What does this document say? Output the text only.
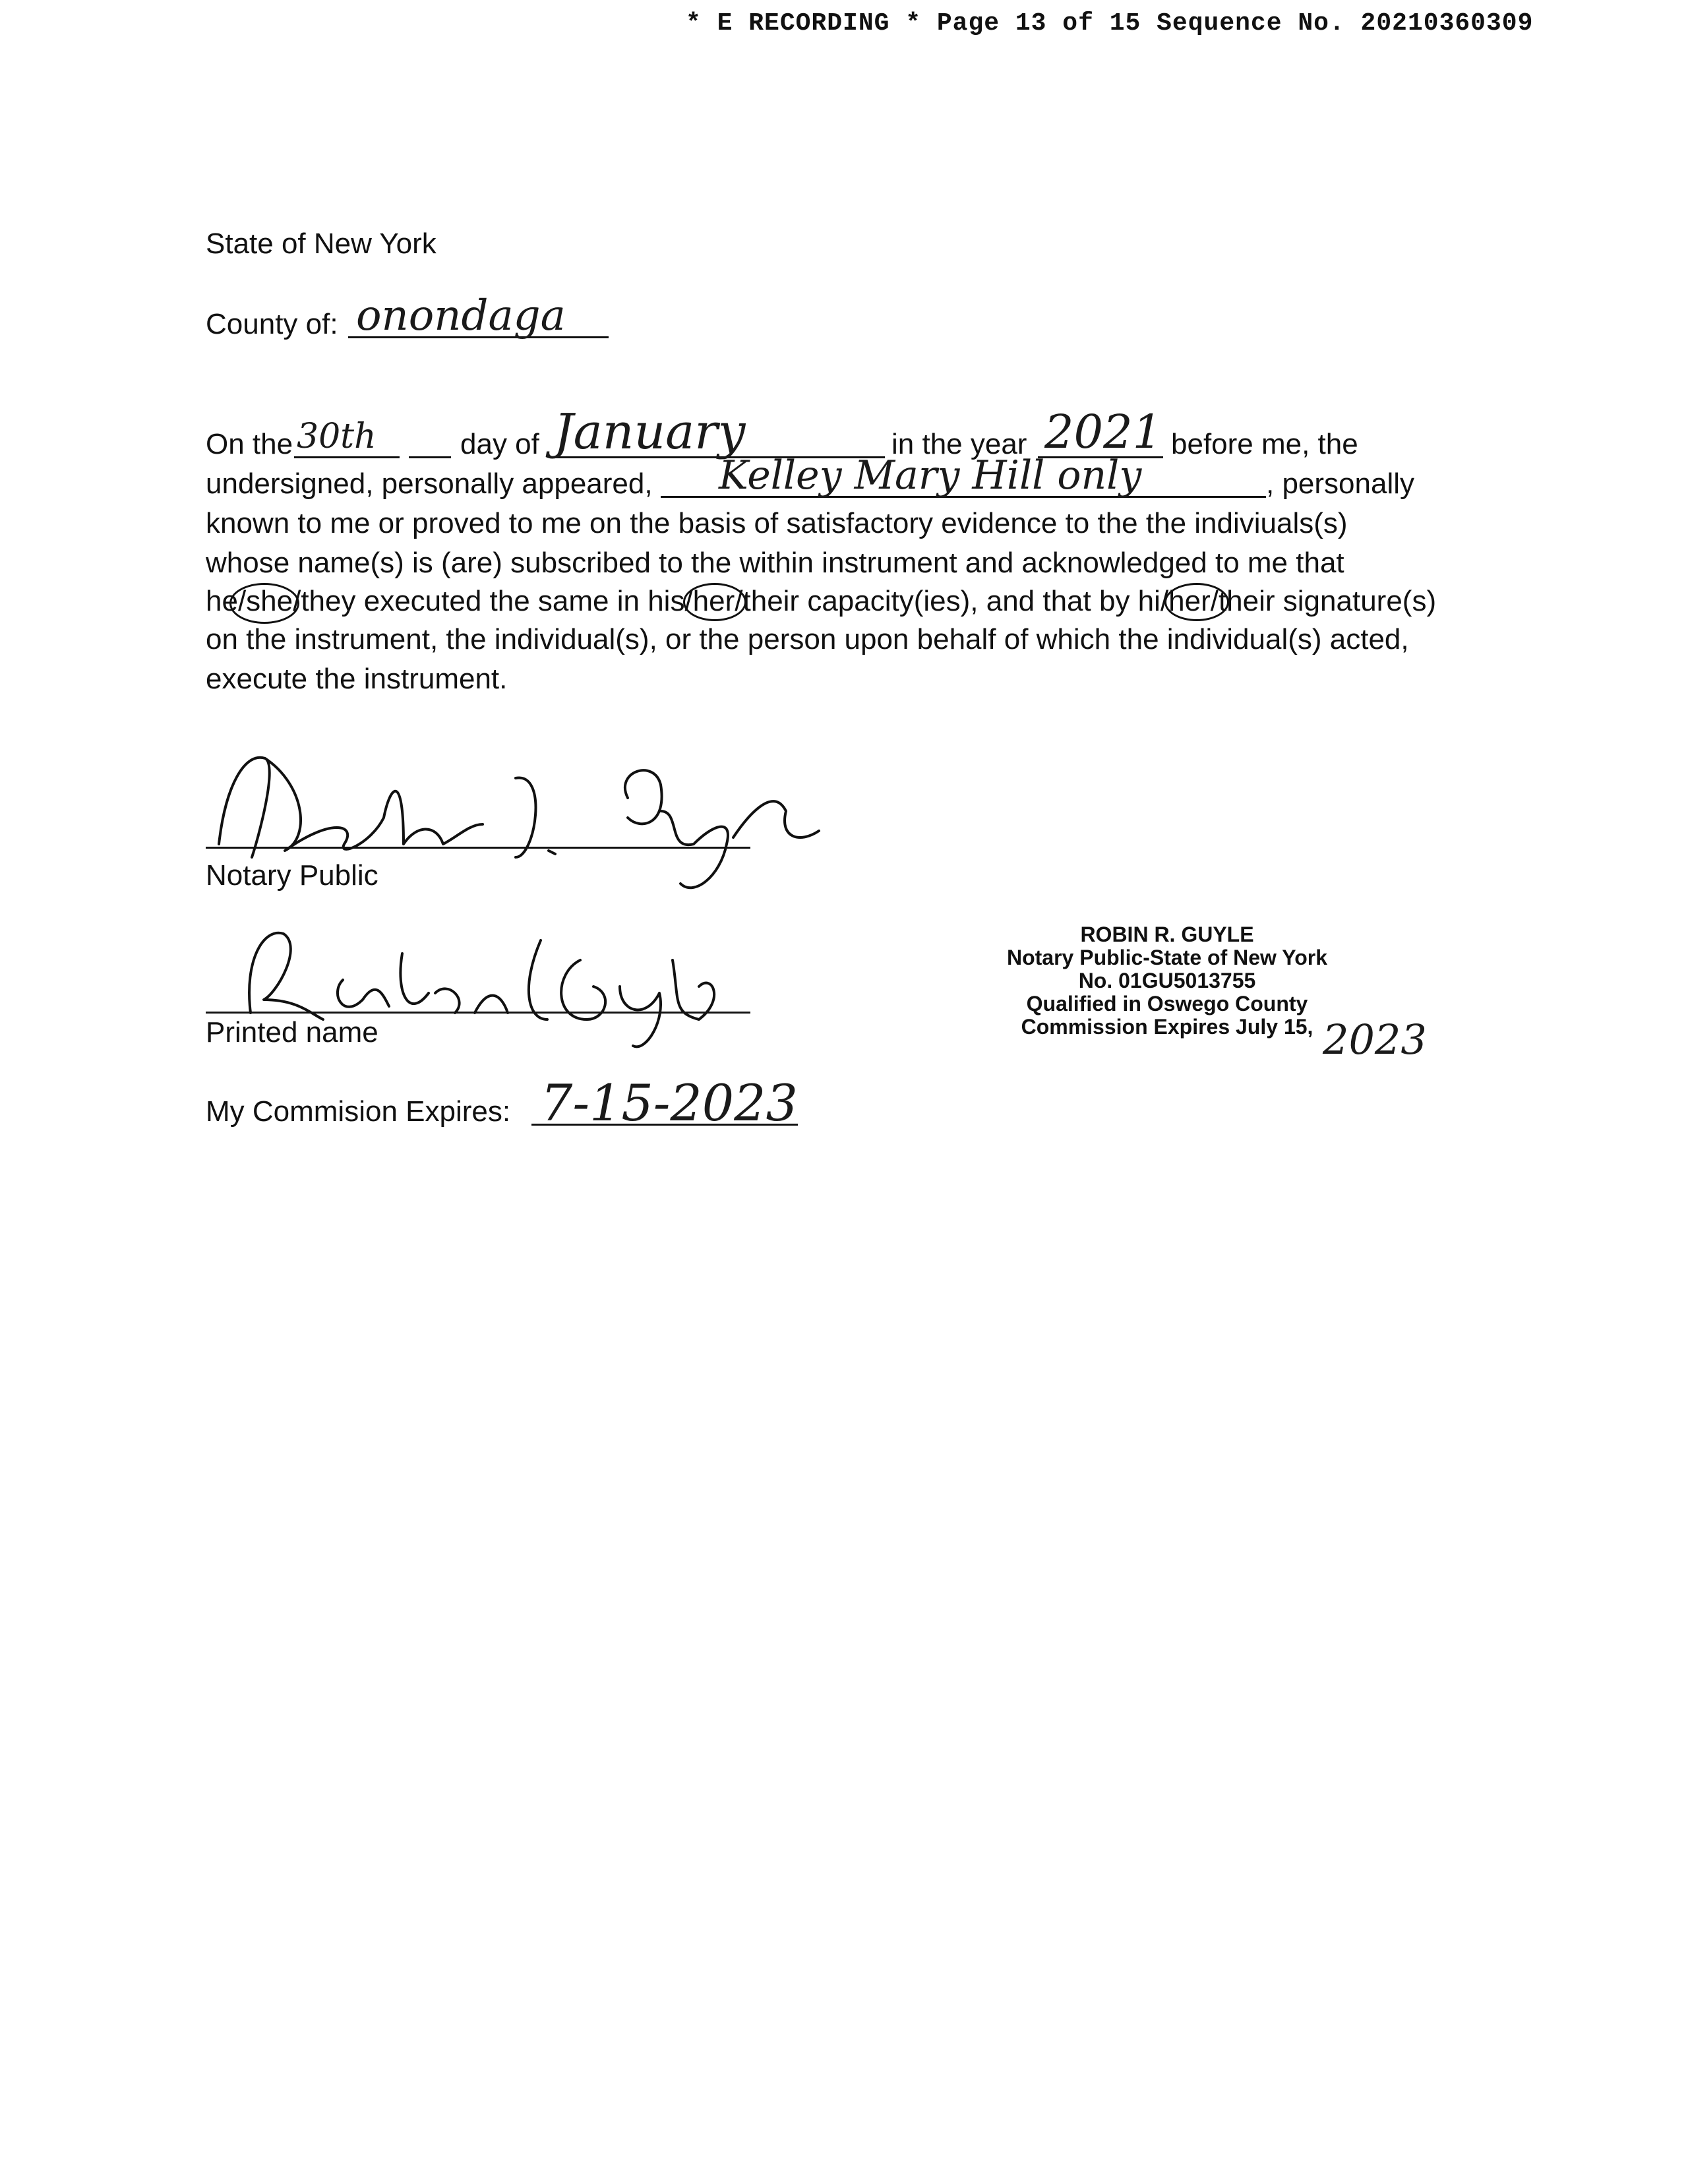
* E RECORDING * Page 13 of 15 Sequence No. 20210360309
State of New York
County of: onondaga
On the 30th	day of January	in the year 2021 before me, the
undersigned, personally appeared, Kelley Mary Hill only	, personally
known to me or proved to me on the basis of satisfactory evidence to the the indiviuals(s)
whose name(s) is (are) subscribed to the within instrument and acknowledged to me that
he/she/they executed the same in his/her/their capacity(ies), and that by hi/her/their signature(s)
on the instrument, the individual(s), or the person upon behalf of which the individual(s) acted,
execute the instrument.
Notary Public
Printed name
My Commision Expires: 7-15-2023
ROBIN R. GUYLE
Notary Public-State of New York
No. 01GU5013755
Qualified in Oswego County
Commission Expires July 15, 2023
